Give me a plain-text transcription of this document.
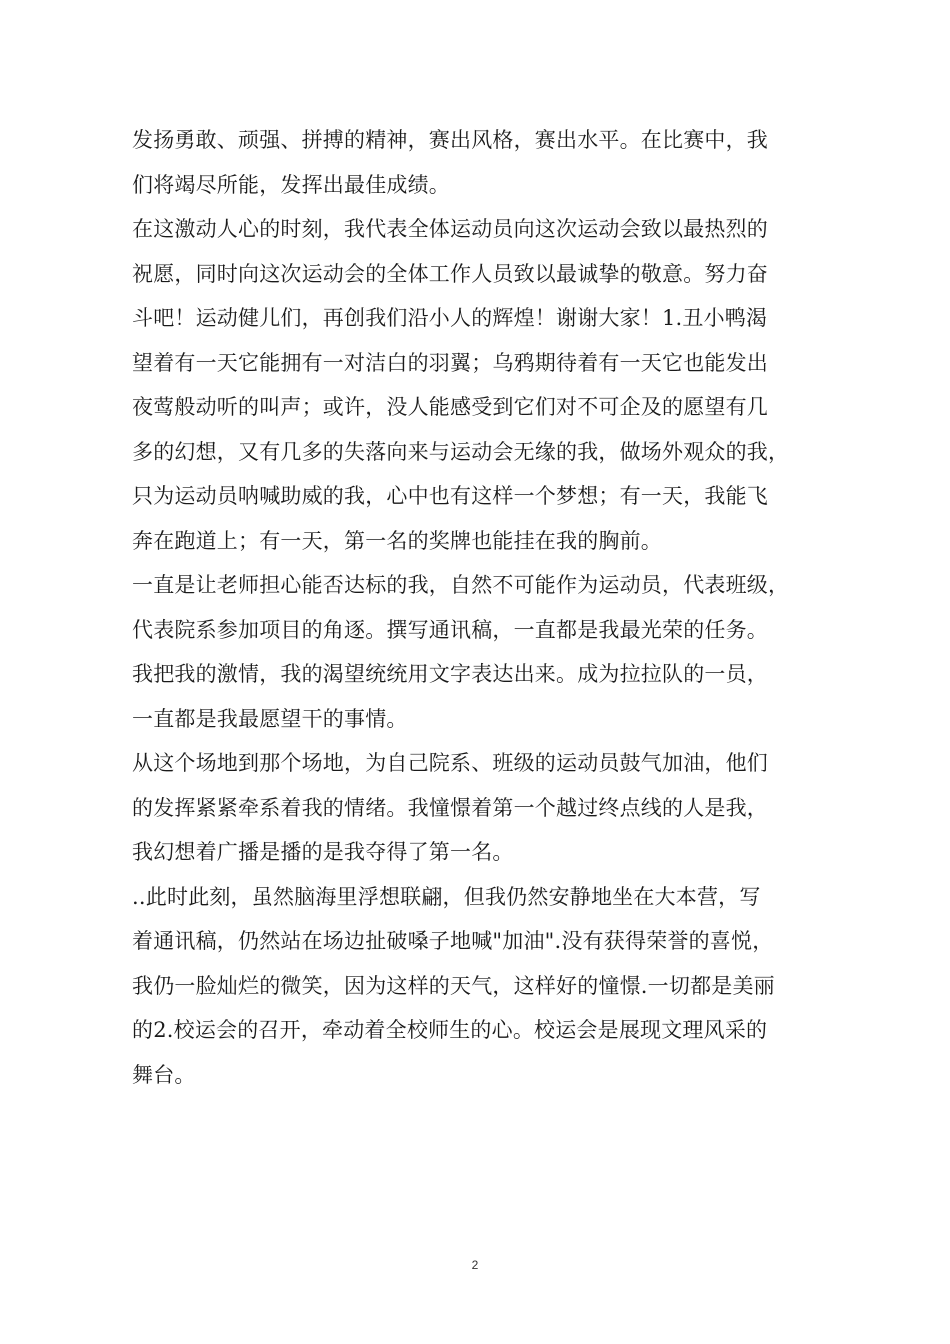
发扬勇敢、顽强、拼搏的精神，赛出风格，赛出水平。在比赛中，我
们将竭尽所能，发挥出最佳成绩。
在这激动人心的时刻，我代表全体运动员向这次运动会致以最热烈的
祝愿，同时向这次运动会的全体工作人员致以最诚挚的敬意。努力奋
斗吧！运动健儿们，再创我们沿小人的辉煌！谢谢大家！1.丑小鸭渴
望着有一天它能拥有一对洁白的羽翼；乌鸦期待着有一天它也能发出
夜莺般动听的叫声；或许，没人能感受到它们对不可企及的愿望有几
多的幻想，又有几多的失落向来与运动会无缘的我，做场外观众的我，
只为运动员呐喊助威的我，心中也有这样一个梦想；有一天，我能飞
奔在跑道上；有一天，第一名的奖牌也能挂在我的胸前。
一直是让老师担心能否达标的我，自然不可能作为运动员，代表班级，
代表院系参加项目的角逐。撰写通讯稿，一直都是我最光荣的任务。
我把我的激情，我的渴望统统用文字表达出来。成为拉拉队的一员，
一直都是我最愿望干的事情。
从这个场地到那个场地，为自己院系、班级的运动员鼓气加油，他们
的发挥紧紧牵系着我的情绪。我憧憬着第一个越过终点线的人是我，
我幻想着广播是播的是我夺得了第一名。
..此时此刻，虽然脑海里浮想联翩，但我仍然安静地坐在大本营，写
着通讯稿，仍然站在场边扯破嗓子地喊"加油".没有获得荣誉的喜悦，
我仍一脸灿烂的微笑，因为这样的天气，这样好的憧憬.一切都是美丽
的2.校运会的召开，牵动着全校师生的心。校运会是展现文理风采的
舞台。
2
